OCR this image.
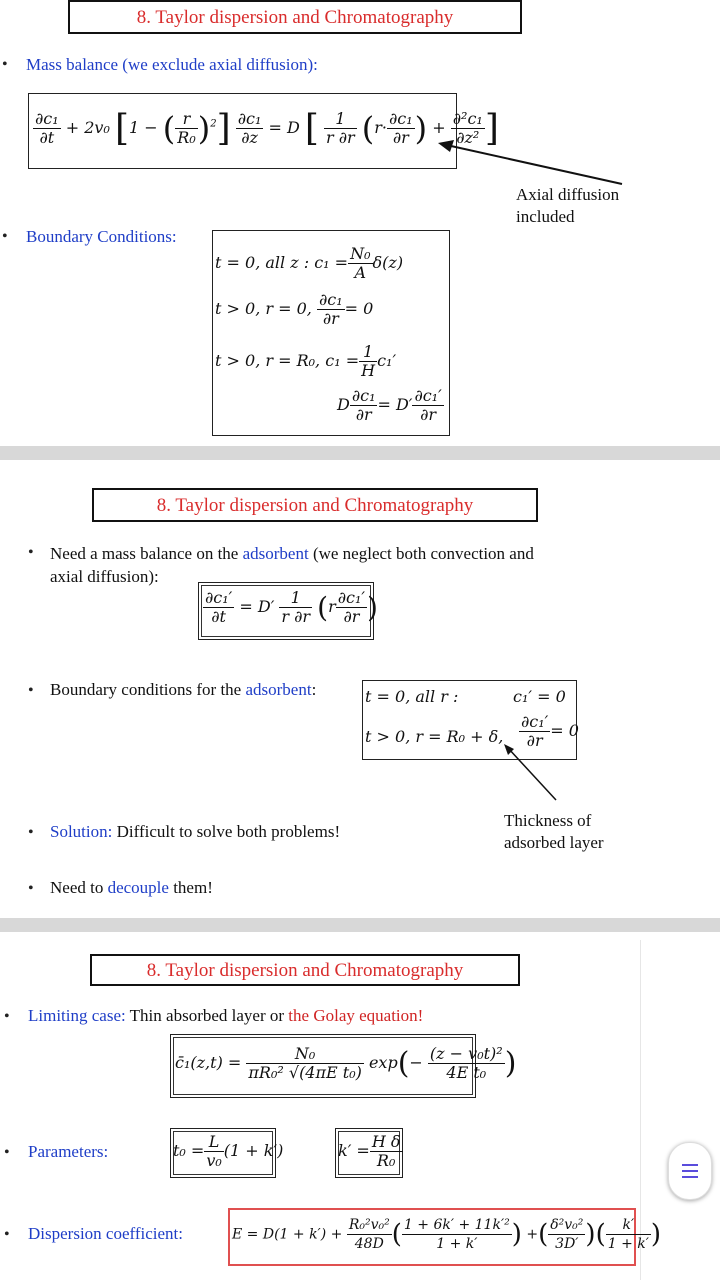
8. Taylor dispersion and Chromatography
• Mass balance (we exclude axial diffusion):
$\frac{\text{∂c₁}}{\partial t} + 2v_0$ [1 − ( $\frac{r}{\text{R₀}} )^2] \frac{\text{∂c₁}}{\partial z} = D$ [ $\frac{1}{r \partial r} (r\cdot \frac{\text{∂c₁}}{\partial r}$ ) + $\frac{\text{∂²c₁}}{\text{∂z²}}$ ]
Axial diffusion
included
• Boundary Conditions:
t = 0, all z : $c_1 = \frac{\text{N₀}}{A} \delta(z)$
t > 0, r = 0, $\frac{\text{∂c₁}}{\partial r} = 0$
t > 0, r = R₀, $c_1 = \frac{1}{H} c_1'$
D $\frac{\text{∂c₁}}{\partial r} = D' \frac{\text{∂c₁′}}{\partial r}$
8. Taylor dispersion and Chromatography
• Need a mass balance on the adsorbent (we neglect both convection and
axial diffusion):
$\frac{\text{∂c₁′}}{\partial t} = D' \frac{1}{r \partial r} (r \frac{\text{∂c₁′}}{\partial r}$ )
• Boundary conditions for the adsorbent:	t = 0, all r :	c₁′ = 0
t > 0, r = R₀ + δ, $\frac{\text{∂c₁′}}{\partial r} = 0$
Thickness of
adsorbed layer
• Solution: Difficult to solve both problems!
• Need to decouple them!
8. Taylor dispersion and Chromatography
• Limiting case: Thin absorbed layer or the Golay equation!
c̄₁(z,t) = $\frac{\text{N₀}}{\text{πR₀² √(4πE t₀)}} \exp(- \frac{\text{(z − v₀t)²}}{\text{4E t₀}}$ )
• Parameters:	$t_0 = \frac{L}{\text{v₀}} (1 + k')$	$k' = \frac{\text{H δ}}{\text{R₀}}$
• Dispersion coefficient:	$E = D(1 + k') + \frac{\text{R₀²v₀²}}{48D}$ ( $\frac{\text{1 + 6k′ + 11k′²}}{1 + k'}$ ) +( $\frac{\text{δ²v₀²}}{3D'}$ )( $\frac{k'}{1 + k'}$ )
